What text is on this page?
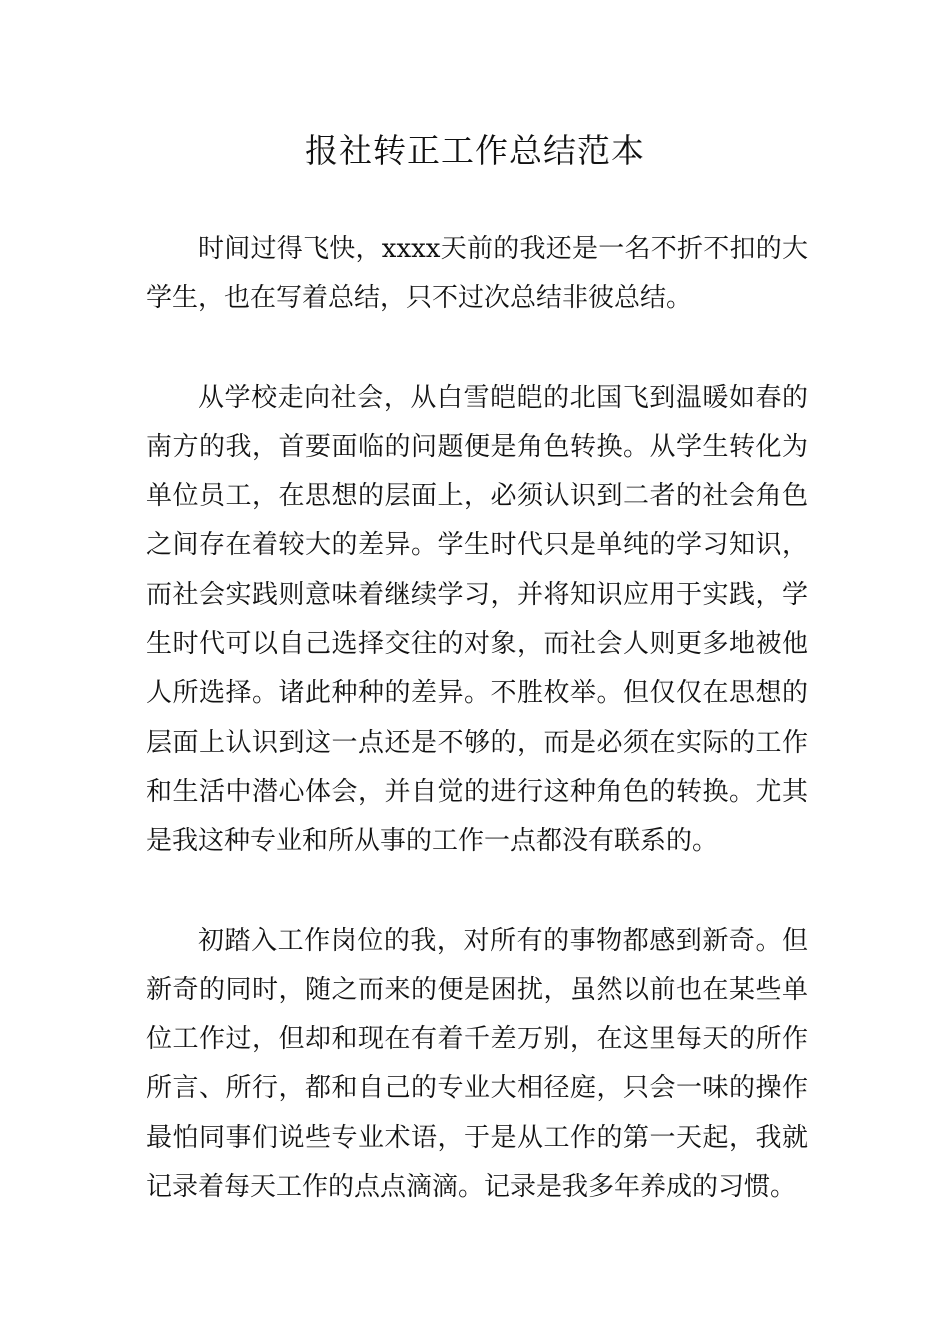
报社转正工作总结范本

时间过得飞快，xxxx天前的我还是一名不折不扣的大学生，也在写着总结，只不过次总结非彼总结。

从学校走向社会，从白雪皑皑的北国飞到温暖如春的南方的我，首要面临的问题便是角色转换。从学生转化为单位员工，在思想的层面上，必须认识到二者的社会角色之间存在着较大的差异。学生时代只是单纯的学习知识，而社会实践则意味着继续学习，并将知识应用于实践，学生时代可以自己选择交往的对象，而社会人则更多地被他人所选择。诸此种种的差异。不胜枚举。但仅仅在思想的层面上认识到这一点还是不够的，而是必须在实际的工作和生活中潜心体会，并自觉的进行这种角色的转换。尤其是我这种专业和所从事的工作一点都没有联系的。

初踏入工作岗位的我，对所有的事物都感到新奇。但新奇的同时，随之而来的便是困扰，虽然以前也在某些单位工作过，但却和现在有着千差万别，在这里每天的所作所言、所行，都和自己的专业大相径庭，只会一味的操作最怕同事们说些专业术语，于是从工作的第一天起，我就记录着每天工作的点点滴滴。记录是我多年养成的习惯。
